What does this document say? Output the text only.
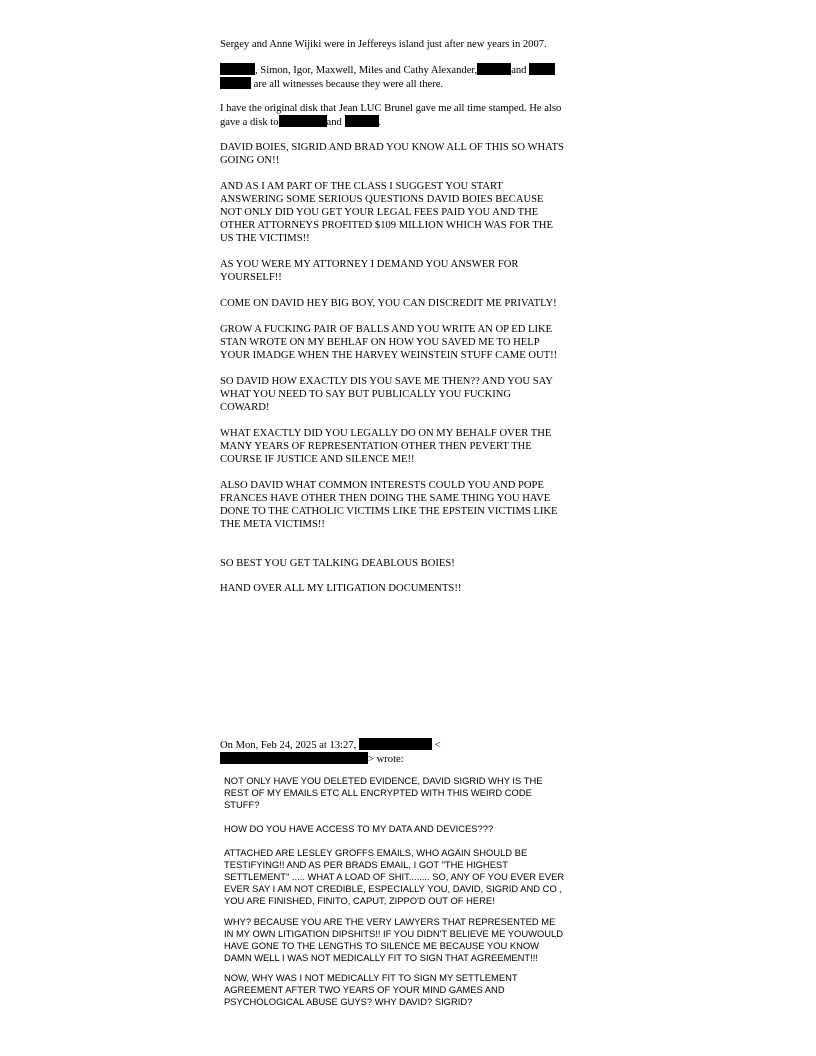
Sergey and Anne Wijiki were in Jeffereys island just after new years in 2007.

, Simon, Igor, Maxwell, Miles and Cathy Alexander,	and

are all witnesses because they were all there.

I have the original disk that Jean LUC Brunel gave me all time stamped. He also

gave a disk to	and	.

DAVID BOIES, SIGRID AND BRAD YOU KNOW ALL OF THIS SO WHATS

GOING ON!!

AND AS I AM PART OF THE CLASS I SUGGEST YOU START

ANSWERING SOME SERIOUS QUESTIONS DAVID BOIES BECAUSE

NOT ONLY DID YOU GET YOUR LEGAL FEES PAID YOU AND THE

OTHER ATTORNEYS PROFITED $109 MILLION WHICH WAS FOR THE

US THE VICTIMS!!

AS YOU WERE MY ATTORNEY I DEMAND YOU ANSWER FOR

YOURSELF!!

COME ON DAVID HEY BIG BOY, YOU CAN DISCREDIT ME PRIVATLY!

GROW A FUCKING PAIR OF BALLS AND YOU WRITE AN OP ED LIKE

STAN WROTE ON MY BEHLAF ON HOW YOU SAVED ME TO HELP

YOUR IMADGE WHEN THE HARVEY WEINSTEIN STUFF CAME OUT!!

SO DAVID HOW EXACTLY DIS YOU SAVE ME THEN?? AND YOU SAY

WHAT YOU NEED TO SAY BUT PUBLICALLY YOU FUCKING

COWARD!

WHAT EXACTLY DID YOU LEGALLY DO ON MY BEHALF OVER THE

MANY YEARS OF REPRESENTATION OTHER THEN PEVERT THE

COURSE IF JUSTICE AND SILENCE ME!!

ALSO DAVID WHAT COMMON INTERESTS COULD YOU AND POPE

FRANCES HAVE OTHER THEN DOING THE SAME THING YOU HAVE

DONE TO THE CATHOLIC VICTIMS LIKE THE EPSTEIN VICTIMS LIKE

THE META VICTIMS!!

SO BEST YOU GET TALKING DEABLOUS BOIES!

HAND OVER ALL MY LITIGATION DOCUMENTS!!

On Mon, Feb 24, 2025 at 13:27,	<

> wrote:

NOT ONLY HAVE YOU DELETED EVIDENCE, DAVID SIGRID WHY IS THE

REST OF MY EMAILS ETC ALL ENCRYPTED WITH THIS WEIRD CODE

STUFF?

HOW DO YOU HAVE ACCESS TO MY DATA AND DEVICES???

ATTACHED ARE LESLEY GROFFS EMAILS, WHO AGAIN SHOULD BE

TESTIFYING!! AND AS PER BRADS EMAIL, I GOT "THE HIGHEST

SETTLEMENT" ..... WHAT A LOAD OF SHIT........ SO, ANY OF YOU EVER EVER

EVER SAY I AM NOT CREDIBLE, ESPECIALLY YOU, DAVID, SIGRID AND CO ,

YOU ARE FINISHED, FINITO, CAPUT, ZIPPO'D OUT OF HERE!

WHY? BECAUSE YOU ARE THE VERY LAWYERS THAT REPRESENTED ME

IN MY OWN LITIGATION DIPSHITS!! IF YOU DIDN'T BELIEVE ME YOUWOULD

HAVE GONE TO THE LENGTHS TO SILENCE ME BECAUSE YOU KNOW

DAMN WELL I WAS NOT MEDICALLY FIT TO SIGN THAT AGREEMENT!!!

NOW, WHY WAS I NOT MEDICALLY FIT TO SIGN MY SETTLEMENT

AGREEMENT AFTER TWO YEARS OF YOUR MIND GAMES AND

PSYCHOLOGICAL ABUSE GUYS? WHY DAVID? SIGRID?
